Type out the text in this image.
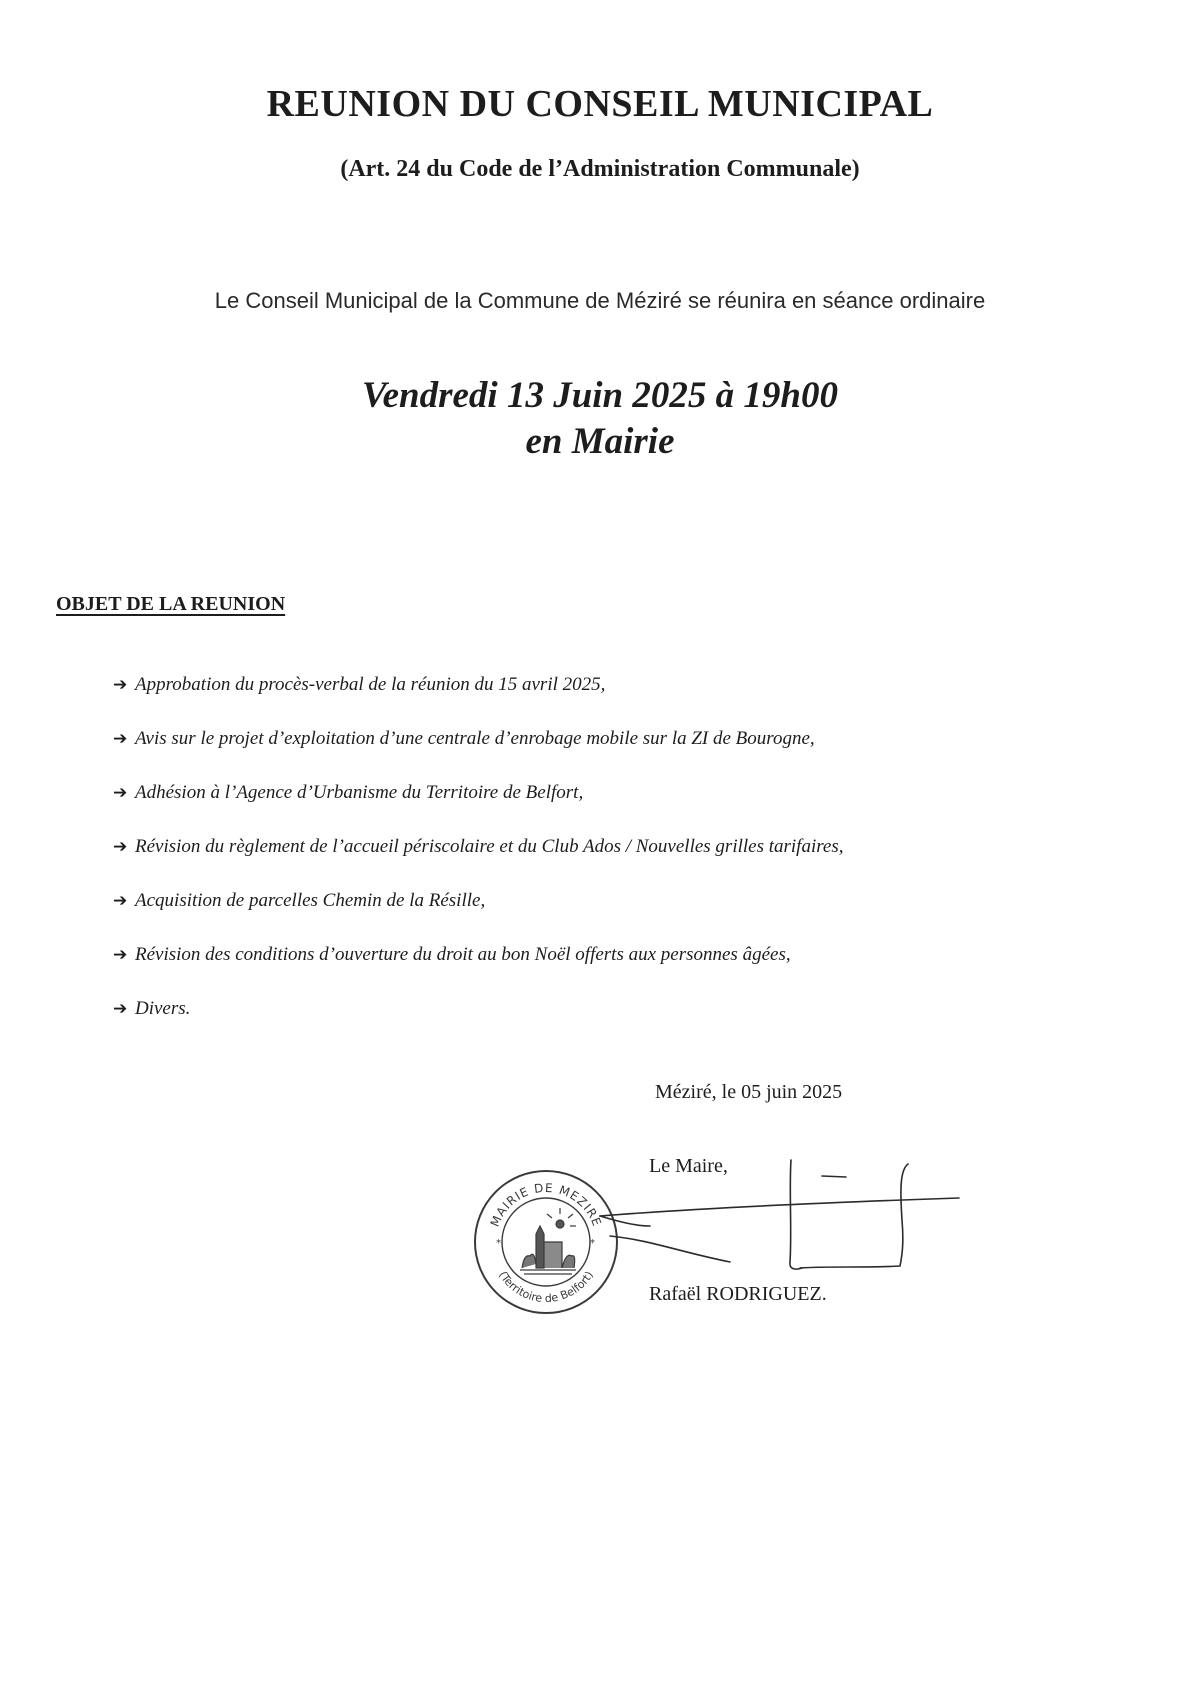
REUNION DU CONSEIL MUNICIPAL
(Art. 24 du Code de l’Administration Communale)
Le Conseil Municipal de la Commune de Méziré se réunira en séance ordinaire
Vendredi 13 Juin 2025 à 19h00
en Mairie
OBJET DE LA REUNION
➔ Approbation du procès-verbal de la réunion du 15 avril 2025,
➔ Avis sur le projet d’exploitation d’une centrale d’enrobage mobile sur la ZI de Bourogne,
➔ Adhésion à l’Agence d’Urbanisme du Territoire de Belfort,
➔ Révision du règlement de l’accueil périscolaire et du Club Ados / Nouvelles grilles tarifaires,
➔ Acquisition de parcelles Chemin de la Résille,
➔ Révision des conditions d’ouverture du droit au bon Noël offerts aux personnes âgées,
➔ Divers.
Méziré, le 05 juin 2025
Le Maire,
MAIRIE DE MEZIRE
(Territoire de Belfort)
*	*
Rafaël RODRIGUEZ.
